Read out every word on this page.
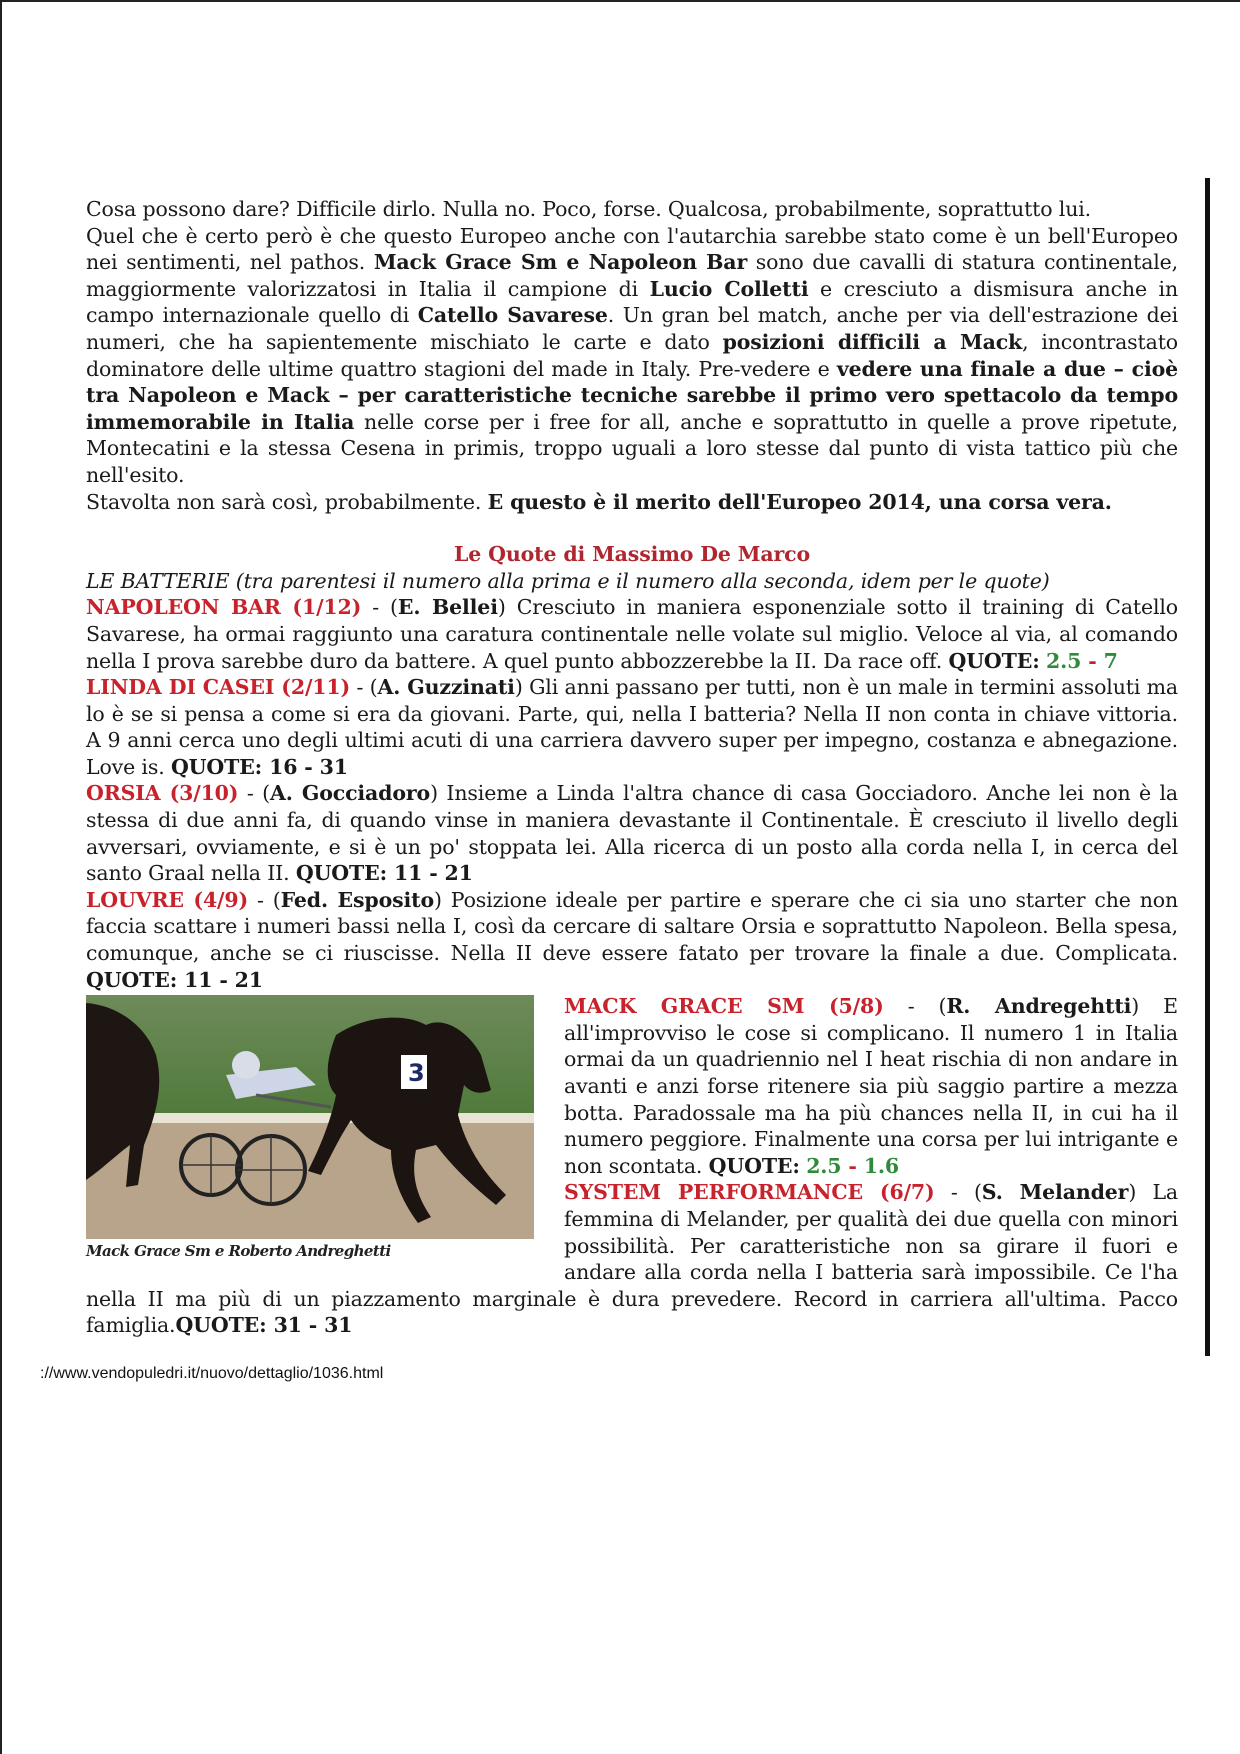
Cosa possono dare? Difficile dirlo. Nulla no. Poco, forse. Qualcosa, probabilmente, soprattutto lui.

Quel che è certo però è che questo Europeo anche con l'autarchia sarebbe stato come è un bell'Europeo nei sentimenti, nel pathos. Mack Grace Sm e Napoleon Bar sono due cavalli di statura continentale, maggiormente valorizzatosi in Italia il campione di Lucio Colletti e cresciuto a dismisura anche in campo internazionale quello di Catello Savarese. Un gran bel match, anche per via dell'estrazione dei numeri, che ha sapientemente mischiato le carte e dato posizioni difficili a Mack, incontrastato dominatore delle ultime quattro stagioni del made in Italy. Pre-vedere e vedere una finale a due – cioè tra Napoleon e Mack – per caratteristiche tecniche sarebbe il primo vero spettacolo da tempo immemorabile in Italia nelle corse per i free for all, anche e soprattutto in quelle a prove ripetute, Montecatini e la stessa Cesena in primis, troppo uguali a loro stesse dal punto di vista tattico più che nell'esito.

Stavolta non sarà così, probabilmente. E questo è il merito dell'Europeo 2014, una corsa vera.

Le Quote di Massimo De Marco

LE BATTERIE (tra parentesi il numero alla prima e il numero alla seconda, idem per le quote)

NAPOLEON BAR (1/12) - (E. Bellei) Cresciuto in maniera esponenziale sotto il training di Catello Savarese, ha ormai raggiunto una caratura continentale nelle volate sul miglio. Veloce al via, al comando nella I prova sarebbe duro da battere. A quel punto abbozzerebbe la II. Da race off. QUOTE: 2.5 - 7

LINDA DI CASEI (2/11) - (A. Guzzinati) Gli anni passano per tutti, non è un male in termini assoluti ma lo è se si pensa a come si era da giovani. Parte, qui, nella I batteria? Nella II non conta in chiave vittoria. A 9 anni cerca uno degli ultimi acuti di una carriera davvero super per impegno, costanza e abnegazione. Love is. QUOTE: 16 - 31

ORSIA (3/10) - (A. Gocciadoro) Insieme a Linda l'altra chance di casa Gocciadoro. Anche lei non è la stessa di due anni fa, di quando vinse in maniera devastante il Continentale. È cresciuto il livello degli avversari, ovviamente, e si è un po' stoppata lei. Alla ricerca di un posto alla corda nella I, in cerca del santo Graal nella II. QUOTE: 11 - 21

LOUVRE (4/9) - (Fed. Esposito) Posizione ideale per partire e sperare che ci sia uno starter che non faccia scattare i numeri bassi nella I, così da cercare di saltare Orsia e soprattutto Napoleon. Bella spesa, comunque, anche se ci riuscisse. Nella II deve essere fatato per trovare la finale a due. Complicata. QUOTE: 11 - 21

3
Mack Grace Sm e Roberto Andreghetti

MACK GRACE SM (5/8) - (R. Andregehtti) E all'improvviso le cose si complicano. Il numero 1 in Italia ormai da un quadriennio nel I heat rischia di non andare in avanti e anzi forse ritenere sia più saggio partire a mezza botta. Paradossale ma ha più chances nella II, in cui ha il numero peggiore. Finalmente una corsa per lui intrigante e non scontata. QUOTE: 2.5 - 1.6

SYSTEM PERFORMANCE (6/7) - (S. Melander) La femmina di Melander, per qualità dei due quella con minori possibilità. Per caratteristiche non sa girare il fuori e andare alla corda nella I batteria sarà impossibile. Ce l'ha nella II ma più di un piazzamento marginale è dura prevedere. Record in carriera all'ultima. Pacco famiglia.QUOTE: 31 - 31

://www.vendopuledri.it/nuovo/dettaglio/1036.html
